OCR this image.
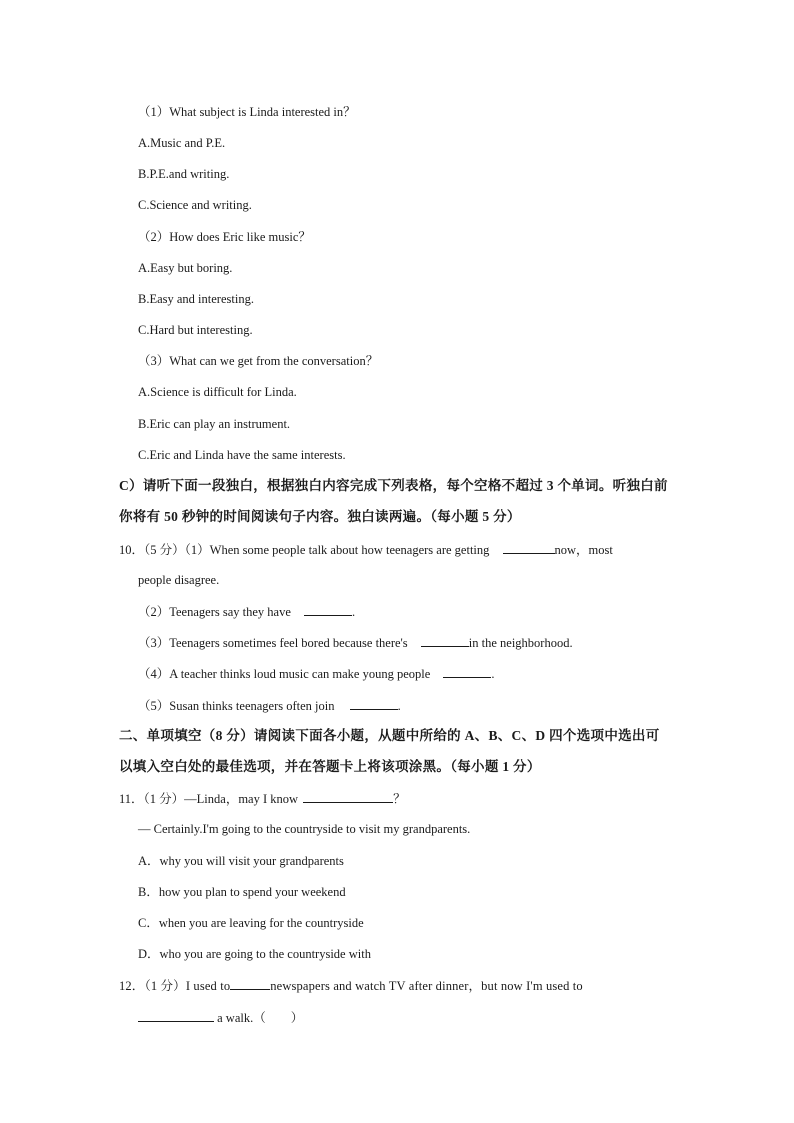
（1）What subject is Linda interested in？
A.Music and P.E.
B.P.E.and writing.
C.Science and writing.
（2）How does Eric like music？
A.Easy but boring.
B.Easy and interesting.
C.Hard but interesting.
（3）What can we get from the conversation？
A.Science is difficult for Linda.
B.Eric can play an instrument.
C.Eric and Linda have the same interests.
C）请听下面一段独白，根据独白内容完成下列表格，每个空格不超过 3 个单词。听独白前
你将有 50 秒钟的时间阅读句子内容。独白读两遍。（每小题 5 分）
10．（5 分）（1）When some people talk about how teenagers are getting	now，most
people disagree.
（2）Teenagers say they have	.
（3）Teenagers sometimes feel bored because there's	in the neighborhood.
（4）A teacher thinks loud music can make young people	.
（5）Susan thinks teenagers often join	.
二、单项填空（8 分）请阅读下面各小题，从题中所给的 A、B、C、D 四个选项中选出可
以填入空白处的最佳选项，并在答题卡上将该项涂黑。（每小题 1 分）
11．（1 分）—Linda，may I know	？
— Certainly.I'm going to the countryside to visit my grandparents.
A．why you will visit your grandparents
B．how you plan to spend your weekend
C．when you are leaving for the countryside
D．who you are going to the countryside with
12．（1 分）I used to	newspapers and watch TV after dinner，but now I'm used to
a walk.（　　）
